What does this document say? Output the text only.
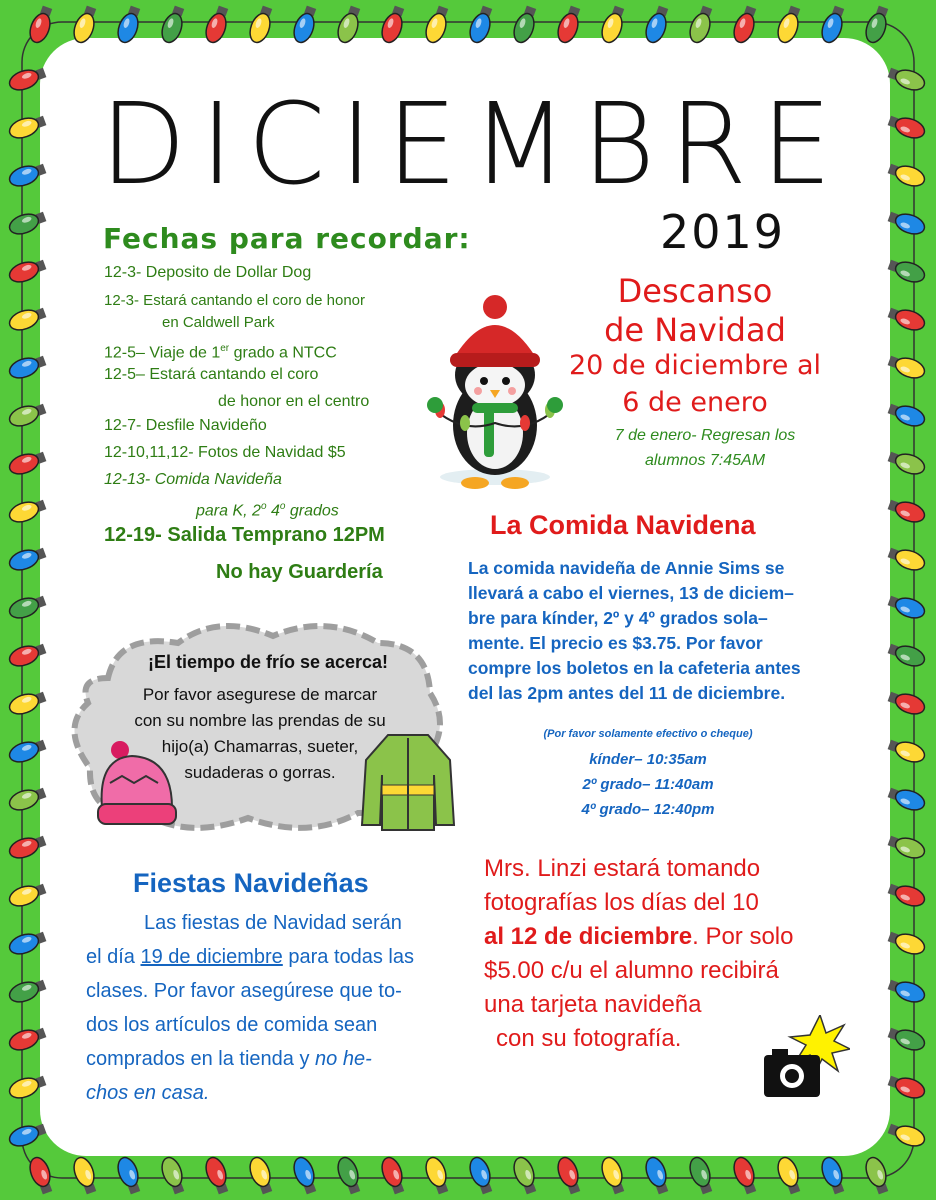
DICIEMBRE
2019
Fechas para recordar:
12-3- Deposito de Dollar Dog
12-3- Estará cantando el coro de honor
en Caldwell Park
12-5– Viaje de 1er grado a NTCC
12-5– Estará cantando el coro
de honor en el centro
12-7- Desfile Navideño
12-10,11,12- Fotos de Navidad $5
12-13- Comida Navideña
para K, 2$^o$ 4$^o$ grados
12-19- Salida Temprano 12PM
No hay Guardería
Descanso
de Navidad
20 de diciembre al
6 de enero
7 de enero- Regresan los
alumnos 7:45AM
La Comida Navidena
La comida navideña de Annie Sims se
llevará a cabo el viernes, 13 de diciem–
bre para kínder, 2º y 4º grados sola–
mente. El precio es $3.75. Por favor
compre los boletos en la cafeteria antes
del las 2pm antes del 11 de diciembre.
(Por favor solamente efectivo o cheque)
kínder– 10:35am
2º grado– 11:40am
4º grado– 12:40pm
¡El tiempo de frío se acerca!
Por favor asegurese de marcar
con su nombre las prendas de su
hijo(a) Chamarras, sueter,
sudaderas o gorras.
Fiestas Navideñas
Las fiestas de Navidad serán
el día 19 de diciembre para todas las
clases. Por favor asegúrese que to-
dos los artículos de comida sean
comprados en la tienda y no he-
chos en casa.
Mrs. Linzi estará tomando
fotografías los días del 10
al 12 de diciembre. Por solo
$5.00 c/u el alumno recibirá
una tarjeta navideña
con su fotografía.
